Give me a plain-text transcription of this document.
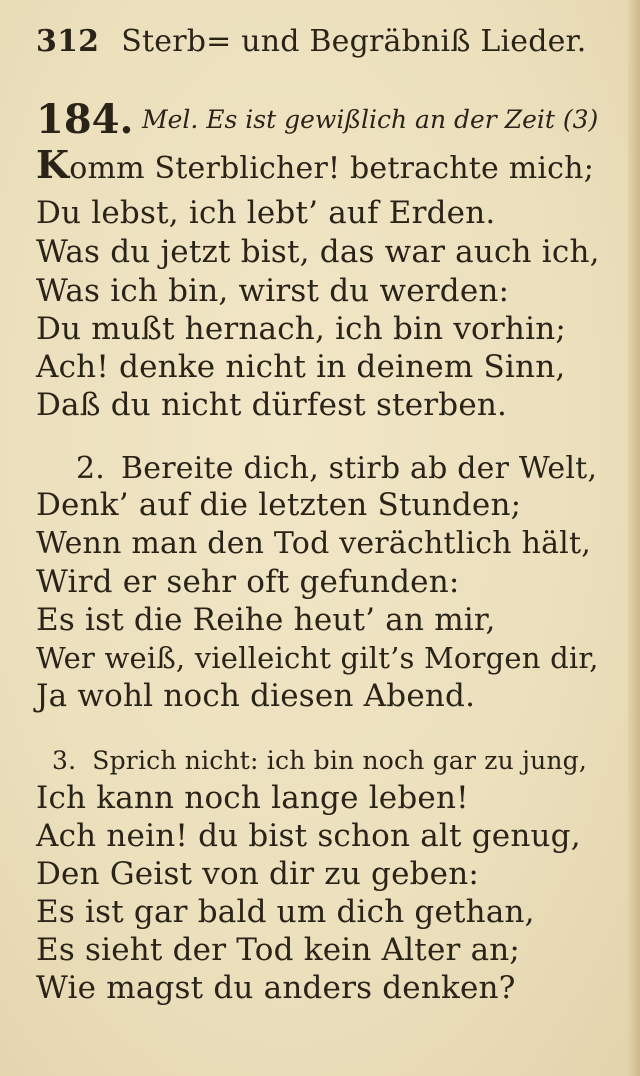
312 Sterb= und Begräbniß Lieder.
184. Mel. Es ist gewißlich an der Zeit (3)
Komm Sterblicher! betrachte mich;
Du lebst, ich lebt’ auf Erden.
Was du jetzt bist, das war auch ich,
Was ich bin, wirst du werden:
Du mußt hernach, ich bin vorhin;
Ach! denke nicht in deinem Sinn,
Daß du nicht dürfest sterben.
2. Bereite dich, stirb ab der Welt,
Denk’ auf die letzten Stunden;
Wenn man den Tod verächtlich hält,
Wird er sehr oft gefunden:
Es ist die Reihe heut’ an mir,
Wer weiß, vielleicht gilt’s Morgen dir,
Ja wohl noch diesen Abend.
3. Sprich nicht: ich bin noch gar zu jung,
Ich kann noch lange leben!
Ach nein! du bist schon alt genug,
Den Geist von dir zu geben:
Es ist gar bald um dich gethan,
Es sieht der Tod kein Alter an;
Wie magst du anders denken?
